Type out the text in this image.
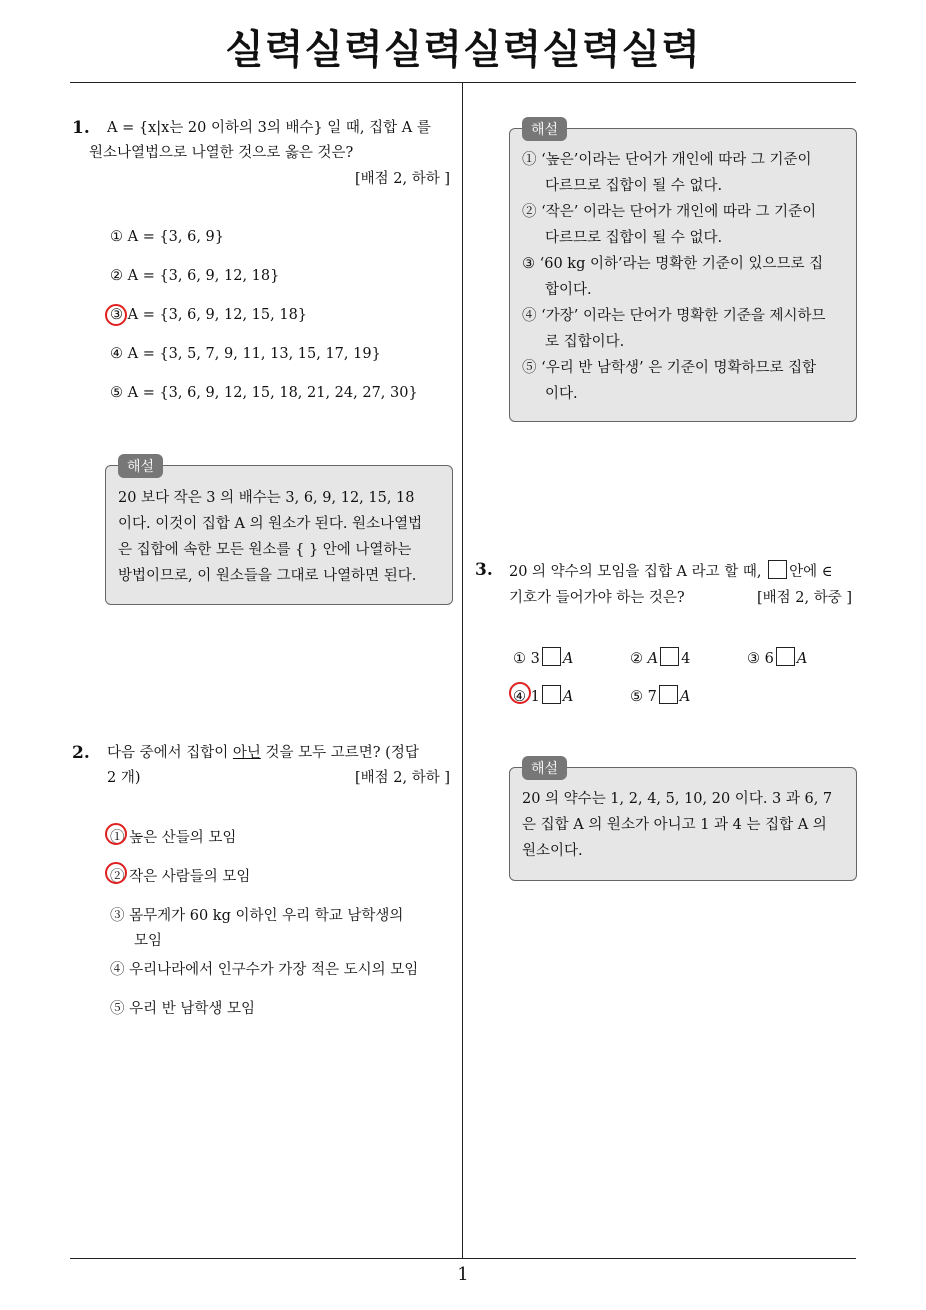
실력실력실력실력실력실력
1. A = {x|x는 20 이하의 3의 배수} 일 때, 집합 A 를
원소나열법으로 나열한 것으로 옳은 것은?
[배점 2, 하하 ]
① A = {3, 6, 9}
② A = {3, 6, 9, 12, 18}
③ A = {3, 6, 9, 12, 15, 18}
④ A = {3, 5, 7, 9, 11, 13, 15, 17, 19}
⑤ A = {3, 6, 9, 12, 15, 18, 21, 24, 27, 30}
20 보다 작은 3 의 배수는 3, 6, 9, 12, 15, 18
이다. 이것이 집합 A 의 원소가 된다. 원소나열법
은 집합에 속한 모든 원소를 { } 안에 나열하는
방법이므로, 이 원소들을 그대로 나열하면 된다.
해설
2. 다음 중에서 집합이 아닌 것을 모두 고르면? (정답
2 개)	[배점 2, 하하 ]
① 높은 산들의 모임
② 작은 사람들의 모임
③ 몸무게가 60 kg 이하인 우리 학교 남학생의
모임
④ 우리나라에서 인구수가 가장 적은 도시의 모임
⑤ 우리 반 남학생 모임
① ‘높은’이라는 단어가 개인에 따라 그 기준이
다르므로 집합이 될 수 없다.
② ‘작은’ 이라는 단어가 개인에 따라 그 기준이
다르므로 집합이 될 수 없다.
③ ‘60 kg 이하’라는 명확한 기준이 있으므로 집
합이다.
④ ‘가장’ 이라는 단어가 명확한 기준을 제시하므
로 집합이다.
⑤ ‘우리 반 남학생’ 은 기준이 명확하므로 집합
이다.
해설
3. 20 의 약수의 모임을 집합 A 라고 할 때, 안에 ∈
기호가 들어가야 하는 것은?	[배점 2, 하중 ]
① 3 A	② A 4	③ 6 A
④ 1 A	⑤ 7 A
20 의 약수는 1, 2, 4, 5, 10, 20 이다. 3 과 6, 7
은 집합 A 의 원소가 아니고 1 과 4 는 집합 A 의
원소이다.
해설
1
